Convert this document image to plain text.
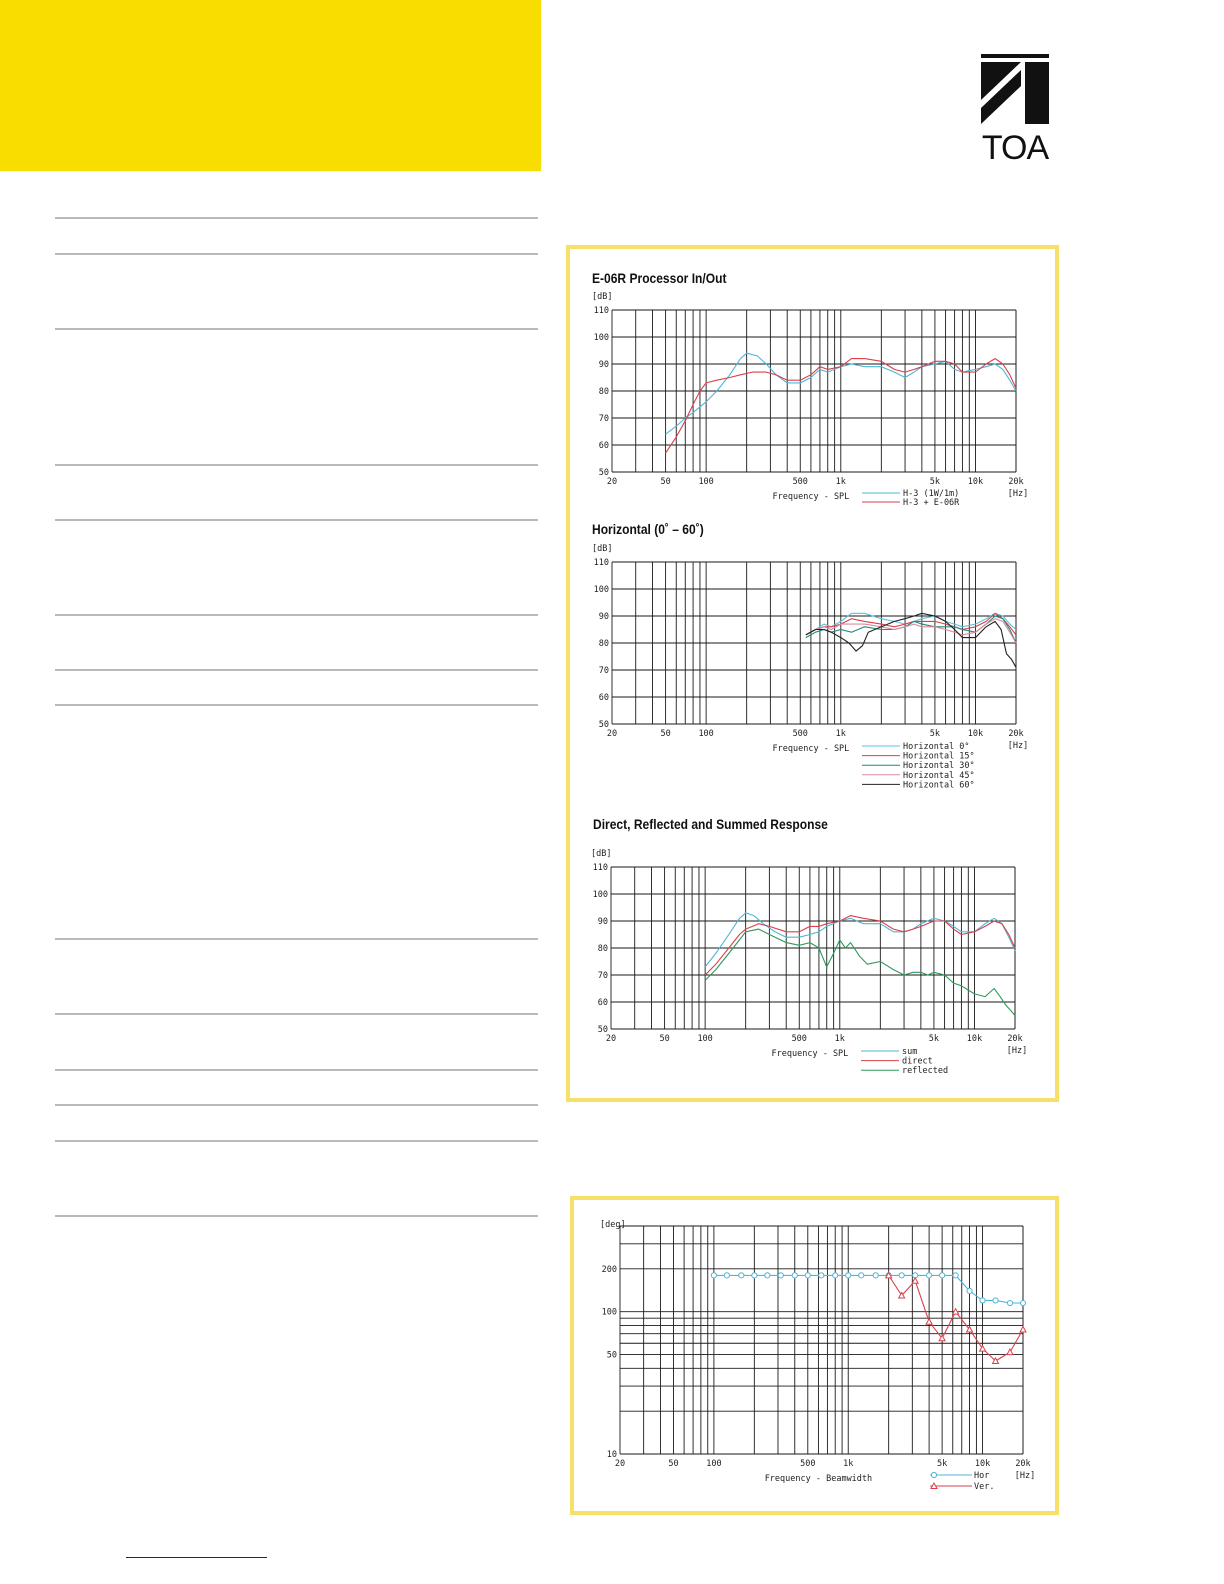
TOA
E-06R Processor In/Out
Horizontal (0˚ – 60˚)
Direct, Reflected and Summed Response
50
60
70
80
90
100
110
[dB]
20	50	100	500	1k	5k	10k	20k
[Hz]
Frequency - SPL	H-3 (1W/1m)
H-3 + E-06R
50
60
70
80
90
100
110
[dB]
20	50	100	500	1k	5k	10k	20k
[Hz]
Frequency - SPL	Horizontal 0°
Horizontal 15°
Horizontal 30°
Horizontal 45°
Horizontal 60°
50
60
70
80
90
100
110
[dB]
20	50	100	500	1k	5k	10k	20k
[Hz]
Frequency - SPL	sum
direct
reflected
10
50
100
200
[deg]
20	50	100	500	1k	5k	10k	20k
[Hz]
Frequency - Beamwidth	Hor
Ver.
